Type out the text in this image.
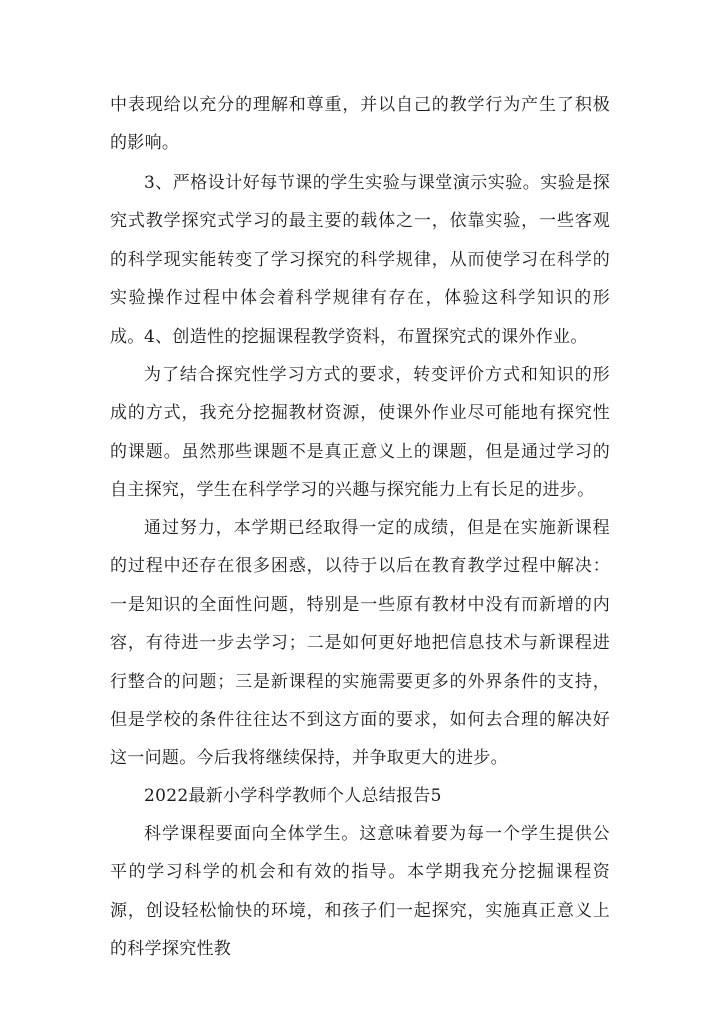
中表现给以充分的理解和尊重，并以自己的教学行为产生了积极的影响。

3、严格设计好每节课的学生实验与课堂演示实验。实验是探究式教学探究式学习的最主要的载体之一，依靠实验，一些客观的科学现实能转变了学习探究的科学规律，从而使学习在科学的实验操作过程中体会着科学规律有存在，体验这科学知识的形成。 4、创造性的挖掘课程教学资料，布置探究式的课外作业。

为了结合探究性学习方式的要求，转变评价方式和知识的形成的方式，我充分挖掘教材资源，使课外作业尽可能地有探究性的课题。虽然那些课题不是真正意义上的课题，但是通过学习的自主探究，学生在科学学习的兴趣与探究能力上有长足的进步。

通过努力，本学期已经取得一定的成绩，但是在实施新课程的过程中还存在很多困惑，以待于以后在教育教学过程中解决：一是知识的全面性问题，特别是一些原有教材中没有而新增的内容，有待进一步去学习；二是如何更好地把信息技术与新课程进行整合的问题；三是新课程的实施需要更多的外界条件的支持，但是学校的条件往往达不到这方面的要求，如何去合理的解决好这一问题。今后我将继续保持，并争取更大的进步。

2022最新小学科学教师个人总结报告5

科学课程要面向全体学生。这意味着要为每一个学生提供公平的学习科学的机会和有效的指导。本学期我充分挖掘课程资源，创设轻松愉快的环境，和孩子们一起探究，实施真正意义上的科学探究性教
